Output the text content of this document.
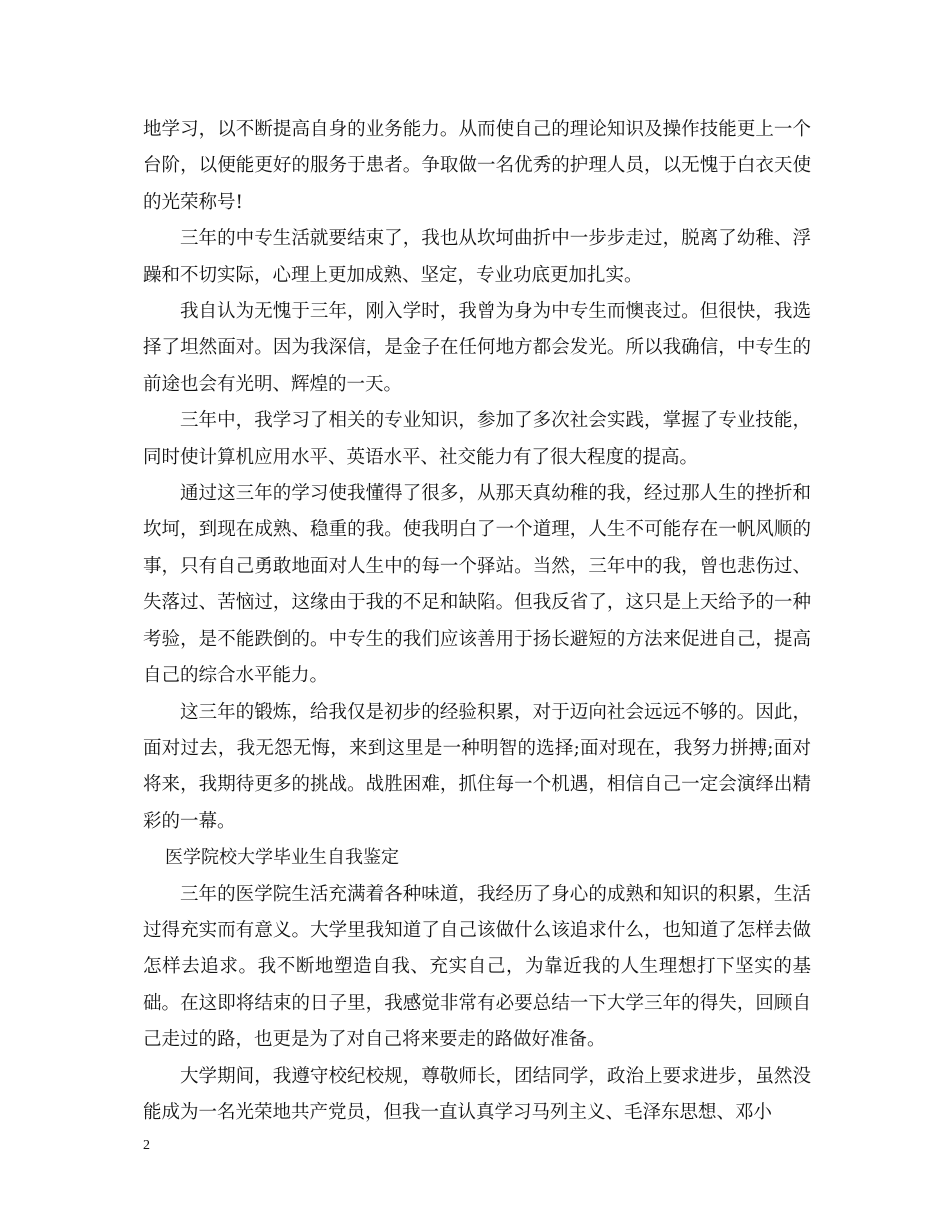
地学习，以不断提高自身的业务能力。从而使自己的理论知识及操作技能更上一个台阶，以便能更好的服务于患者。争取做一名优秀的护理人员，以无愧于白衣天使的光荣称号!

三年的中专生活就要结束了，我也从坎坷曲折中一步步走过，脱离了幼稚、浮躁和不切实际，心理上更加成熟、坚定，专业功底更加扎实。

我自认为无愧于三年，刚入学时，我曾为身为中专生而懊丧过。但很快，我选择了坦然面对。因为我深信，是金子在任何地方都会发光。所以我确信，中专生的前途也会有光明、辉煌的一天。

三年中，我学习了相关的专业知识，参加了多次社会实践，掌握了专业技能，同时使计算机应用水平、英语水平、社交能力有了很大程度的提高。

通过这三年的学习使我懂得了很多，从那天真幼稚的我，经过那人生的挫折和坎坷，到现在成熟、稳重的我。使我明白了一个道理，人生不可能存在一帆风顺的事，只有自己勇敢地面对人生中的每一个驿站。当然，三年中的我，曾也悲伤过、失落过、苦恼过，这缘由于我的不足和缺陷。但我反省了，这只是上天给予的一种考验，是不能跌倒的。中专生的我们应该善用于扬长避短的方法来促进自己，提高自己的综合水平能力。

这三年的锻炼，给我仅是初步的经验积累，对于迈向社会远远不够的。因此，面对过去，我无怨无悔，来到这里是一种明智的选择;面对现在，我努力拼搏;面对将来，我期待更多的挑战。战胜困难，抓住每一个机遇，相信自己一定会演绎出精彩的一幕。

医学院校大学毕业生自我鉴定

三年的医学院生活充满着各种味道，我经历了身心的成熟和知识的积累，生活过得充实而有意义。大学里我知道了自己该做什么该追求什么，也知道了怎样去做怎样去追求。我不断地塑造自我、充实自己，为靠近我的人生理想打下坚实的基础。在这即将结束的日子里，我感觉非常有必要总结一下大学三年的得失，回顾自己走过的路，也更是为了对自己将来要走的路做好准备。

大学期间，我遵守校纪校规，尊敬师长，团结同学，政治上要求进步，虽然没能成为一名光荣地共产党员，但我一直认真学习马列主义、毛泽东思想、邓小

2
